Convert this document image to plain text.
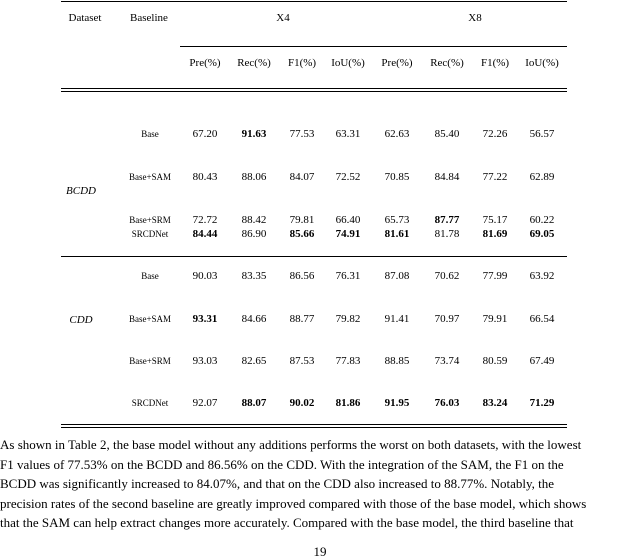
Dataset	Baseline	X4	X8
Pre(%) Rec(%) F1(%) IoU(%) Pre(%) Rec(%) F1(%) IoU(%)
BCDD
Base	67.20 91.63 77.53 63.31 62.63 85.40 72.26 56.57
Base+SAM 80.43 88.06 84.07 72.52 70.85 84.84 77.22 62.89
Base+SRM 72.72 88.42 79.81 66.40 65.73 87.77 75.17 60.22
SRCDNet 84.44 86.90 85.66 74.91 81.61 81.78 81.69 69.05
CDD
Base	90.03 83.35 86.56 76.31 87.08 70.62 77.99 63.92
Base+SAM 93.31 84.66 88.77 79.82 91.41 70.97 79.91 66.54
Base+SRM 93.03 82.65 87.53 77.83 88.85 73.74 80.59 67.49
SRCDNet 92.07 88.07 90.02 81.86 91.95 76.03 83.24 71.29

As shown in Table 2, the base model without any additions performs the worst on both datasets, with the lowest
F1 values of 77.53% on the BCDD and 86.56% on the CDD. With the integration of the SAM, the F1 on the
BCDD was significantly increased to 84.07%, and that on the CDD also increased to 88.77%. Notably, the
precision rates of the second baseline are greatly improved compared with those of the base model, which shows
that the SAM can help extract changes more accurately. Compared with the base model, the third baseline that

19
